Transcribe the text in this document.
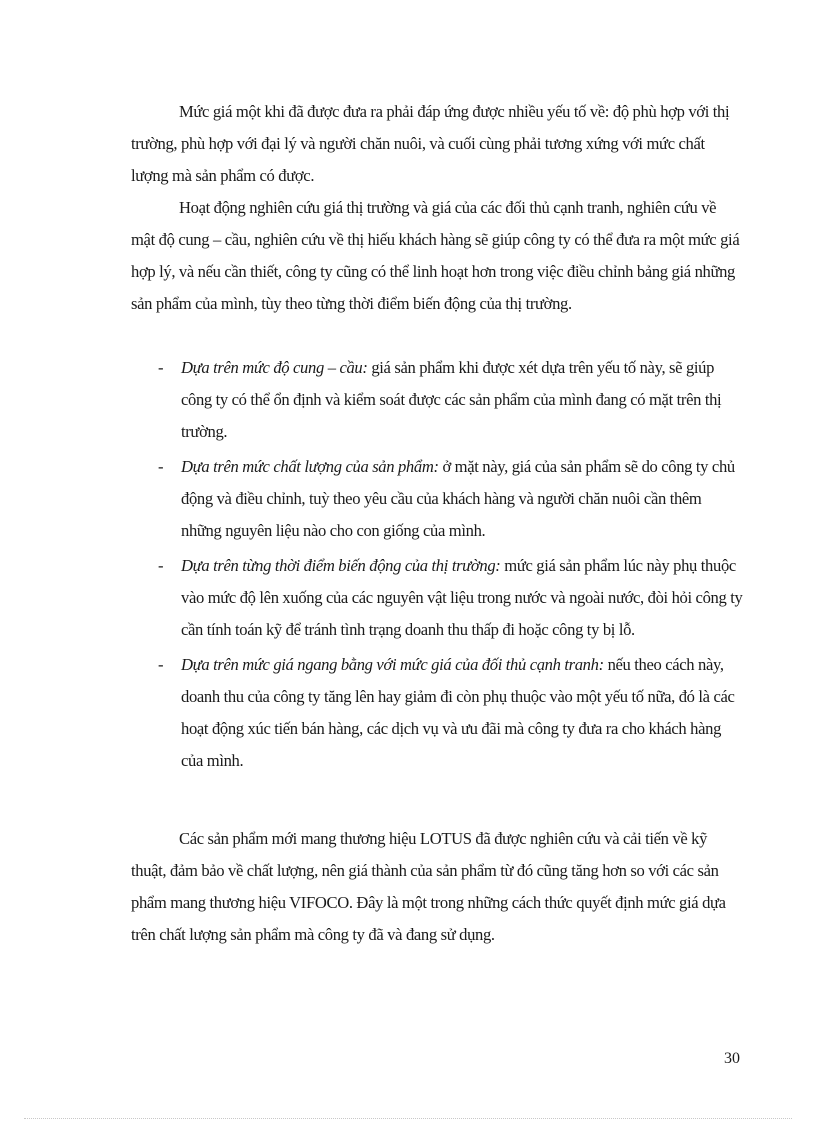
Mức giá một khi đã được đưa ra phải đáp ứng được nhiều yếu tố về: độ phù hợp với thị trường, phù hợp với đại lý và người chăn nuôi, và cuối cùng phải tương xứng với mức chất lượng mà sản phẩm có được.

Hoạt động nghiên cứu giá thị trường và giá của các đối thủ cạnh tranh, nghiên cứu về mật độ cung – cầu, nghiên cứu về thị hiếu khách hàng sẽ giúp công ty có thể đưa ra một mức giá hợp lý, và nếu cần thiết, công ty cũng có thể linh hoạt hơn trong việc điều chỉnh bảng giá những sản phẩm của mình, tùy theo từng thời điểm biến động của thị trường.

- Dựa trên mức độ cung – cầu: giá sản phẩm khi được xét dựa trên yếu tố này, sẽ giúp công ty có thể ổn định và kiểm soát được các sản phẩm của mình đang có mặt trên thị trường.
- Dựa trên mức chất lượng của sản phẩm: ở mặt này, giá của sản phẩm sẽ do công ty chủ động và điều chỉnh, tuỳ theo yêu cầu của khách hàng và người chăn nuôi cần thêm những nguyên liệu nào cho con giống của mình.
- Dựa trên từng thời điểm biến động của thị trường: mức giá sản phẩm lúc này phụ thuộc vào mức độ lên xuống của các nguyên vật liệu trong nước và ngoài nước, đòi hỏi công ty cần tính toán kỹ để tránh tình trạng doanh thu thấp đi hoặc công ty bị lỗ.
- Dựa trên mức giá ngang bằng với mức giá của đối thủ cạnh tranh: nếu theo cách này, doanh thu của công ty tăng lên hay giảm đi còn phụ thuộc vào một yếu tố nữa, đó là các hoạt động xúc tiến bán hàng, các dịch vụ và ưu đãi mà công ty đưa ra cho khách hàng của mình.

Các sản phẩm mới mang thương hiệu LOTUS đã được nghiên cứu và cải tiến về kỹ thuật, đảm bảo về chất lượng, nên giá thành của sản phẩm từ đó cũng tăng hơn so với các sản phẩm mang thương hiệu VIFOCO. Đây là một trong những cách thức quyết định mức giá dựa trên chất lượng sản phẩm mà công ty đã và đang sử dụng.

30
